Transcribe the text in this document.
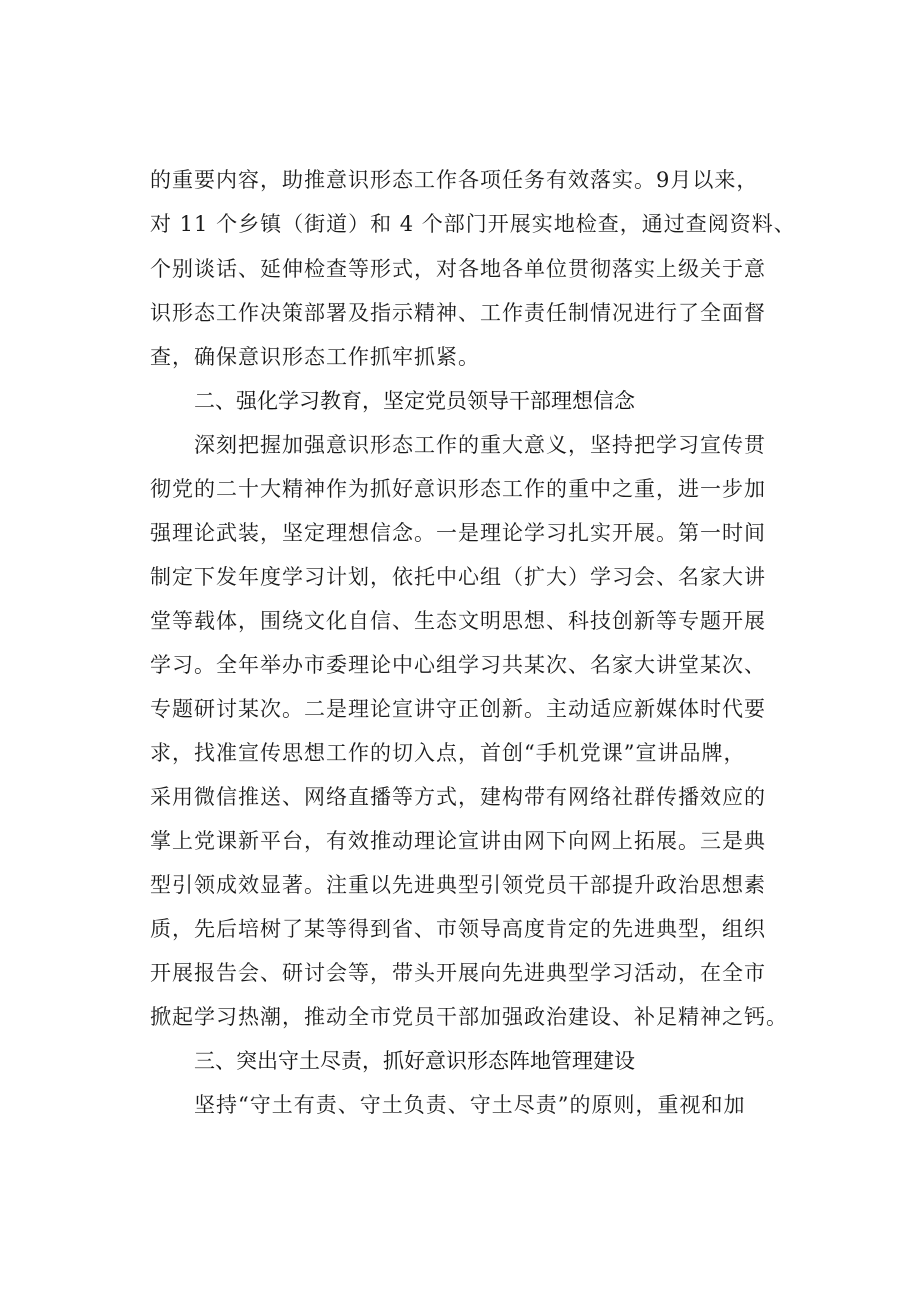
的重要内容，助推意识形态工作各项任务有效落实。9月以来，
对 11 个乡镇（街道）和 4 个部门开展实地检查，通过查阅资料、
个别谈话、延伸检查等形式，对各地各单位贯彻落实上级关于意
识形态工作决策部署及指示精神、工作责任制情况进行了全面督
查，确保意识形态工作抓牢抓紧。
二、强化学习教育，坚定党员领导干部理想信念
深刻把握加强意识形态工作的重大意义，坚持把学习宣传贯
彻党的二十大精神作为抓好意识形态工作的重中之重，进一步加
强理论武装，坚定理想信念。一是理论学习扎实开展。第一时间
制定下发年度学习计划，依托中心组（扩大）学习会、名家大讲
堂等载体，围绕文化自信、生态文明思想、科技创新等专题开展
学习。全年举办市委理论中心组学习共某次、名家大讲堂某次、
专题研讨某次。二是理论宣讲守正创新。主动适应新媒体时代要
求，找准宣传思想工作的切入点，首创“手机党课”宣讲品牌，
采用微信推送、网络直播等方式，建构带有网络社群传播效应的
掌上党课新平台，有效推动理论宣讲由网下向网上拓展。三是典
型引领成效显著。注重以先进典型引领党员干部提升政治思想素
质，先后培树了某等得到省、市领导高度肯定的先进典型，组织
开展报告会、研讨会等，带头开展向先进典型学习活动，在全市
掀起学习热潮，推动全市党员干部加强政治建设、补足精神之钙。
三、突出守土尽责，抓好意识形态阵地管理建设
坚持“守土有责、守土负责、守土尽责”的原则，重视和加
